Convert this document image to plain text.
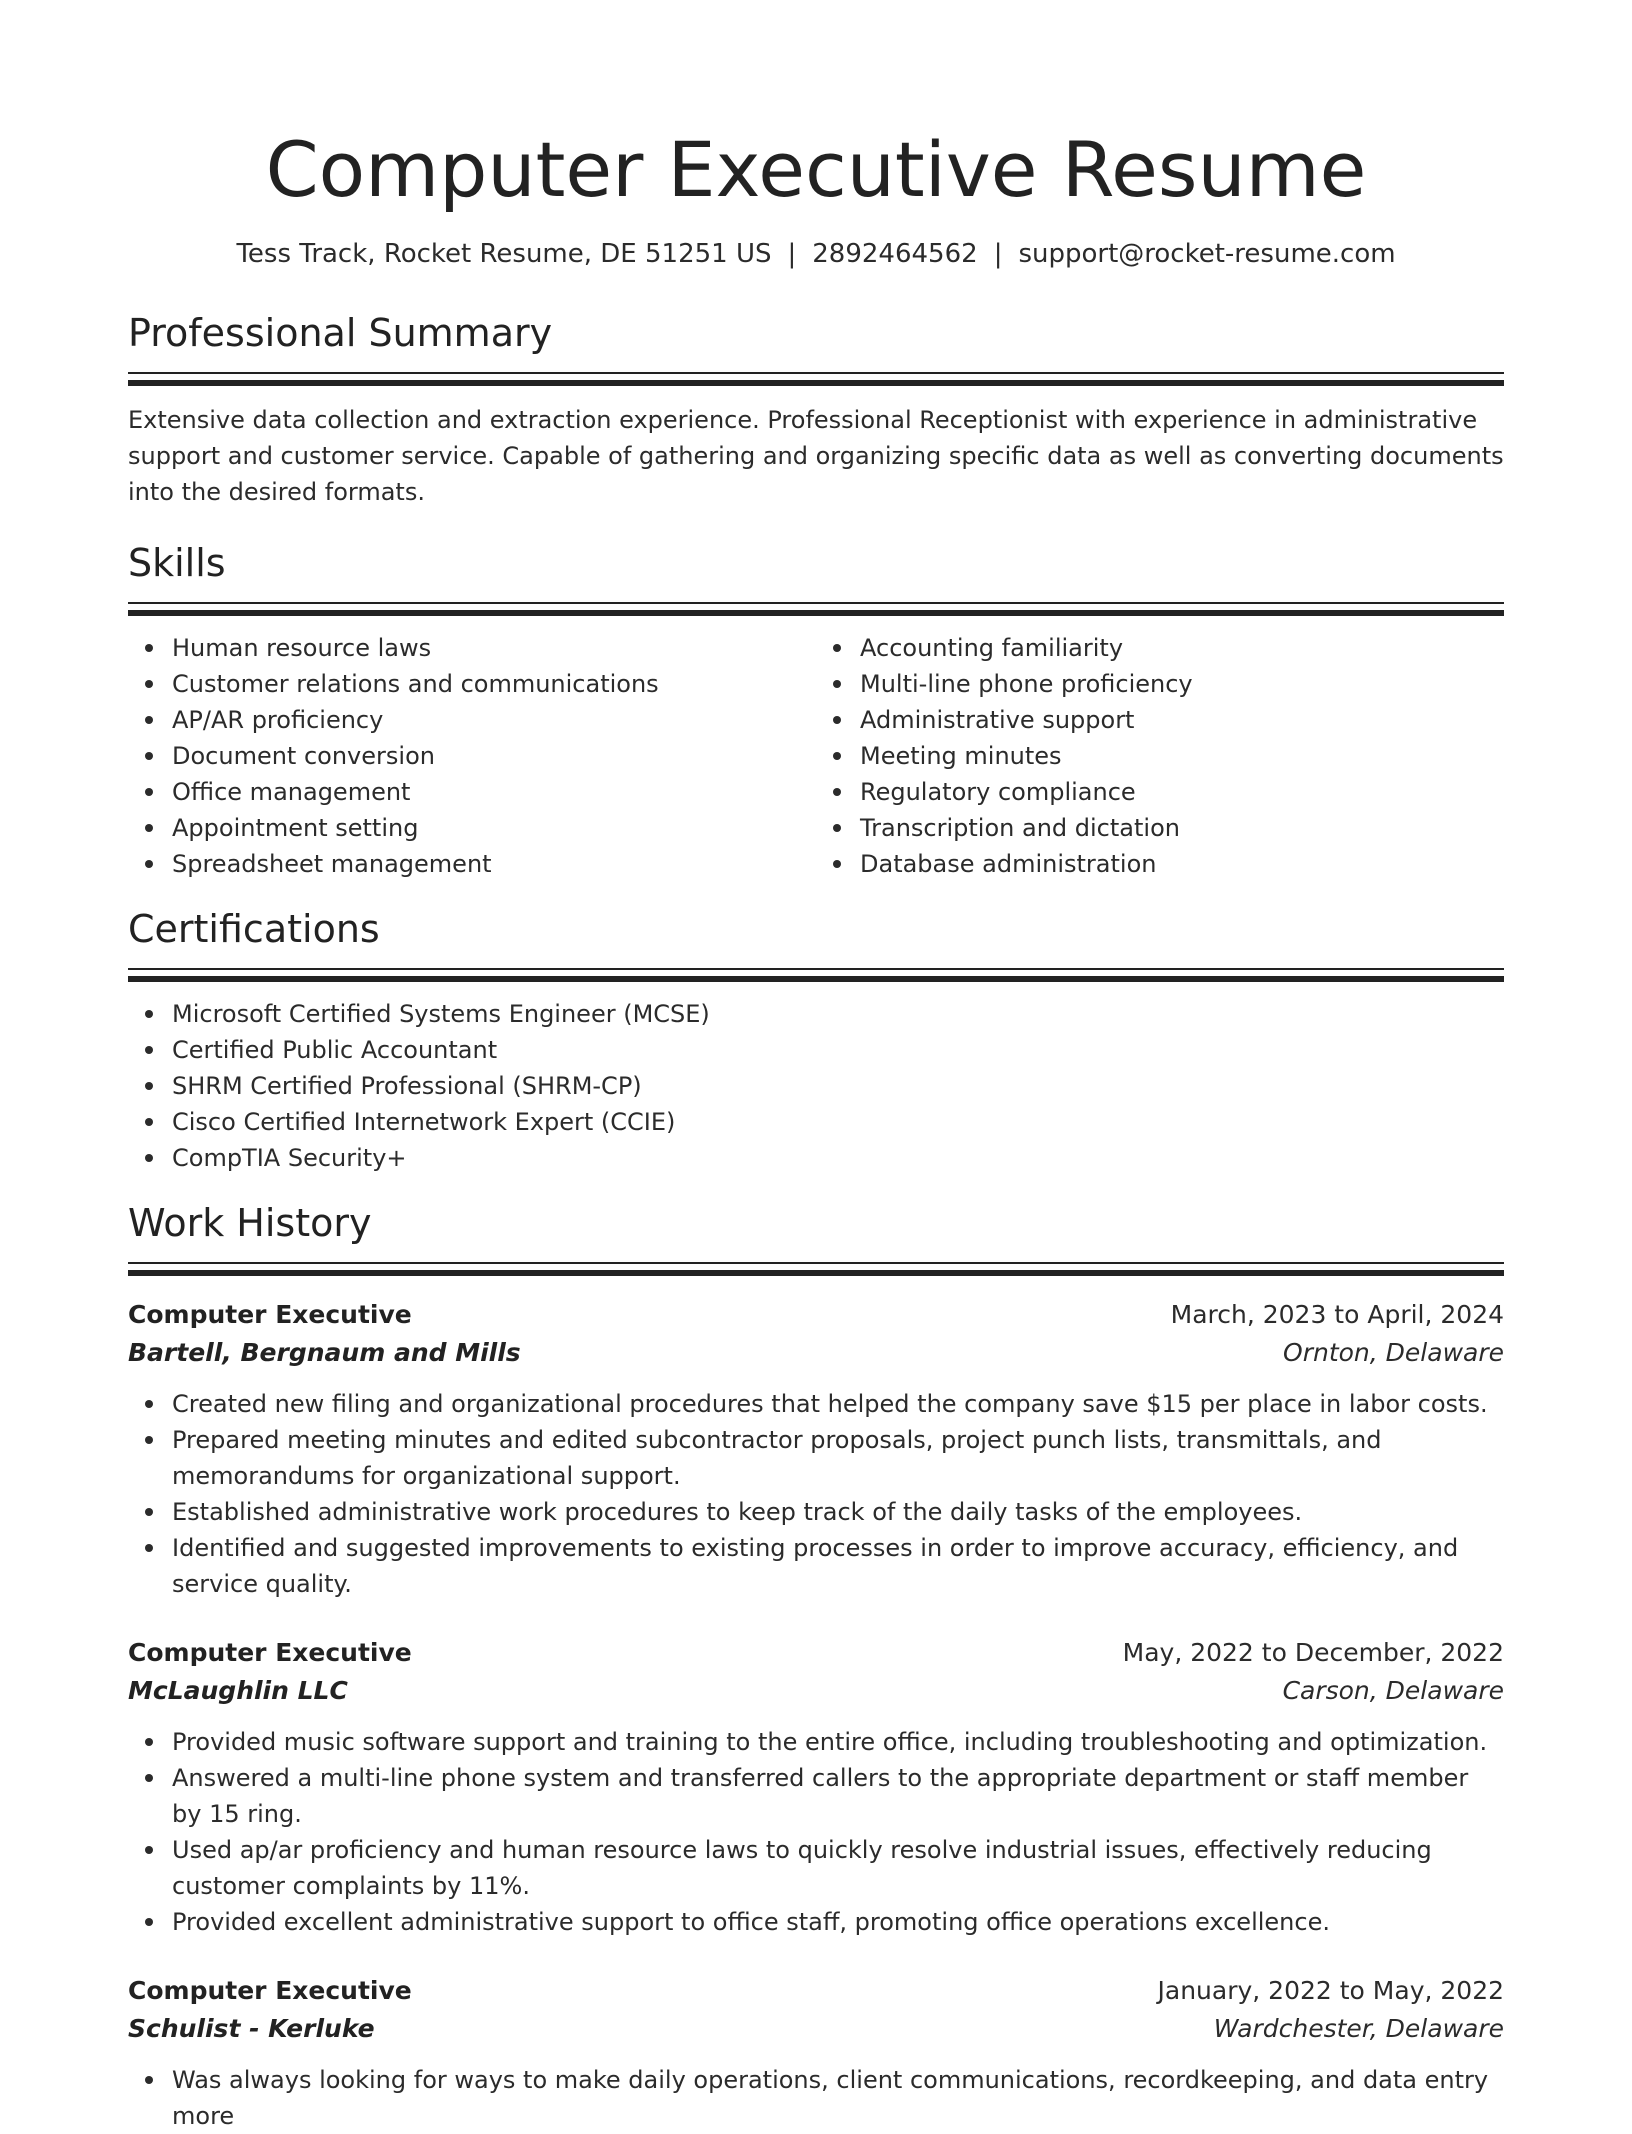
Computer Executive Resume
Tess Track, Rocket Resume, DE 51251 US | 2892464562 | support@rocket-resume.com
Professional Summary

Extensive data collection and extraction experience. Professional Receptionist with experience in administrative support and customer service. Capable of gathering and organizing specific data as well as converting documents into the desired formats.

Skills
Human resource laws
Customer relations and communications
AP/AR proficiency
Document conversion
Office management
Appointment setting
Spreadsheet management
Accounting familiarity
Multi-line phone proficiency
Administrative support
Meeting minutes
Regulatory compliance
Transcription and dictation
Database administration
Certifications
Microsoft Certified Systems Engineer (MCSE)
Certified Public Accountant
SHRM Certified Professional (SHRM-CP)
Cisco Certified Internetwork Expert (CCIE)
CompTIA Security+
Work History
Computer Executive	March, 2023 to April, 2024
Bartell, Bergnaum and Mills	Ornton, Delaware
Created new filing and organizational procedures that helped the company save $15 per place in labor costs.
Prepared meeting minutes and edited subcontractor proposals, project punch lists, transmittals, and memorandums for organizational support.
Established administrative work procedures to keep track of the daily tasks of the employees.
Identified and suggested improvements to existing processes in order to improve accuracy, efficiency, and service quality.
Computer Executive	May, 2022 to December, 2022
McLaughlin LLC	Carson, Delaware
Provided music software support and training to the entire office, including troubleshooting and optimization.
Answered a multi-line phone system and transferred callers to the appropriate department or staff member by 15 ring.
Used ap/ar proficiency and human resource laws to quickly resolve industrial issues, effectively reducing customer complaints by 11%.
Provided excellent administrative support to office staff, promoting office operations excellence.
Computer Executive	January, 2022 to May, 2022
Schulist - Kerluke	Wardchester, Delaware
Was always looking for ways to make daily operations, client communications, recordkeeping, and data entry more
